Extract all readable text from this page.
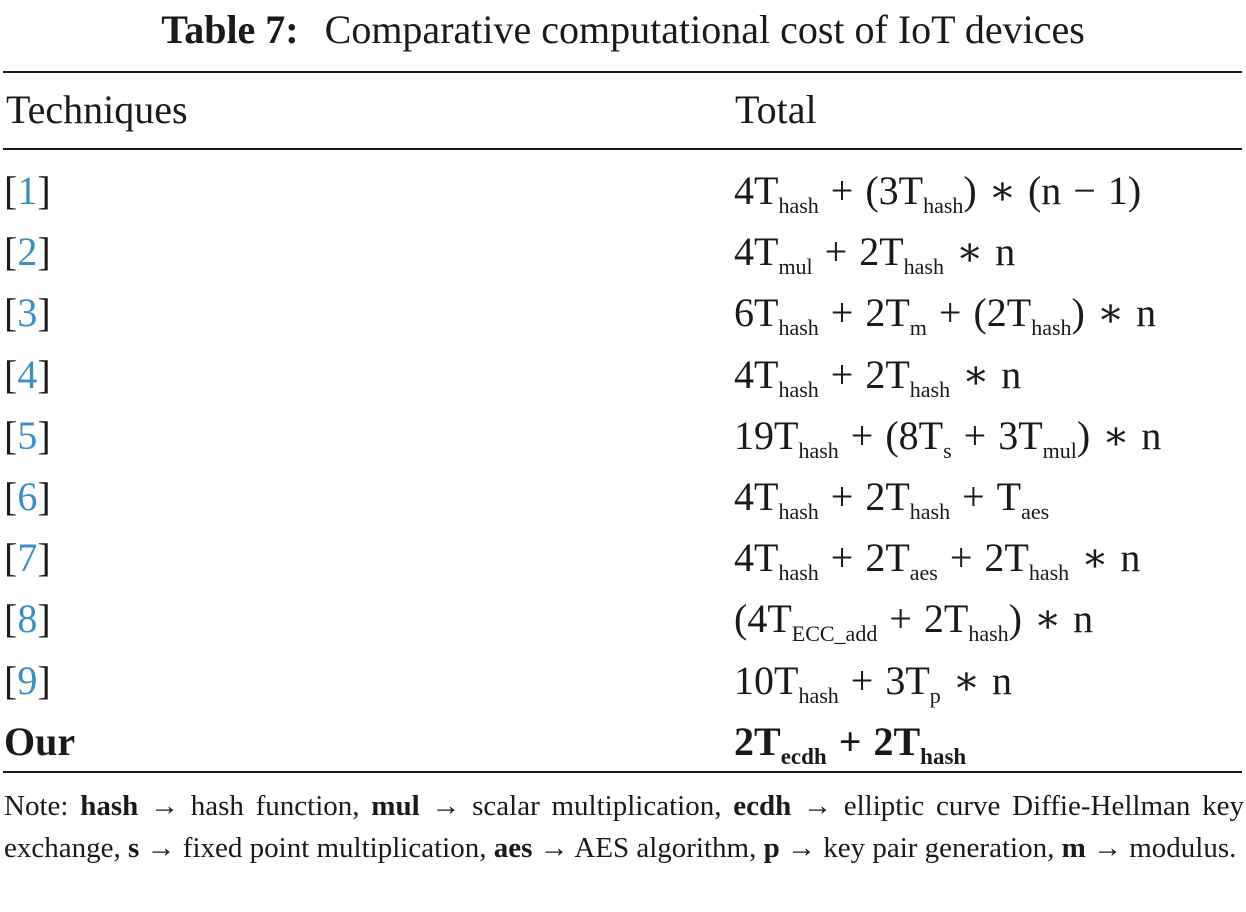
Table 7: Comparative computational cost of IoT devices
Techniques	Total
[1]	$4T_{hash} + (3T_{hash})$ ∗ (n − 1)
[2]	$4T_{mul} + 2T_{hash}$ ∗ n
[3]	$6T_{hash} + 2T_m + (2T_{hash})$ ∗ n
[4]	$4T_{hash} + 2T_{hash}$ ∗ n
[5]	$19T_{hash} + (8T_s + 3T_{mul})$ ∗ n
[6]	$4T_{hash} + 2T_{hash} + T_{aes}$
[7]	$4T_{hash} + 2T_{aes} + 2T_{hash}$ ∗ n
[8]	$(4T_{ECC\_add} + 2T_{hash})$ ∗ n
[9]	$10T_{hash} + 3T_p$ ∗ n
Our	$2T_{ecdh} + 2T_{hash}$
Note: hash → hash function, mul → scalar multiplication, ecdh → elliptic curve Diffie-Hellman key exchange, s → fixed point multiplication, aes → AES algorithm, p → key pair generation, m → modulus.
